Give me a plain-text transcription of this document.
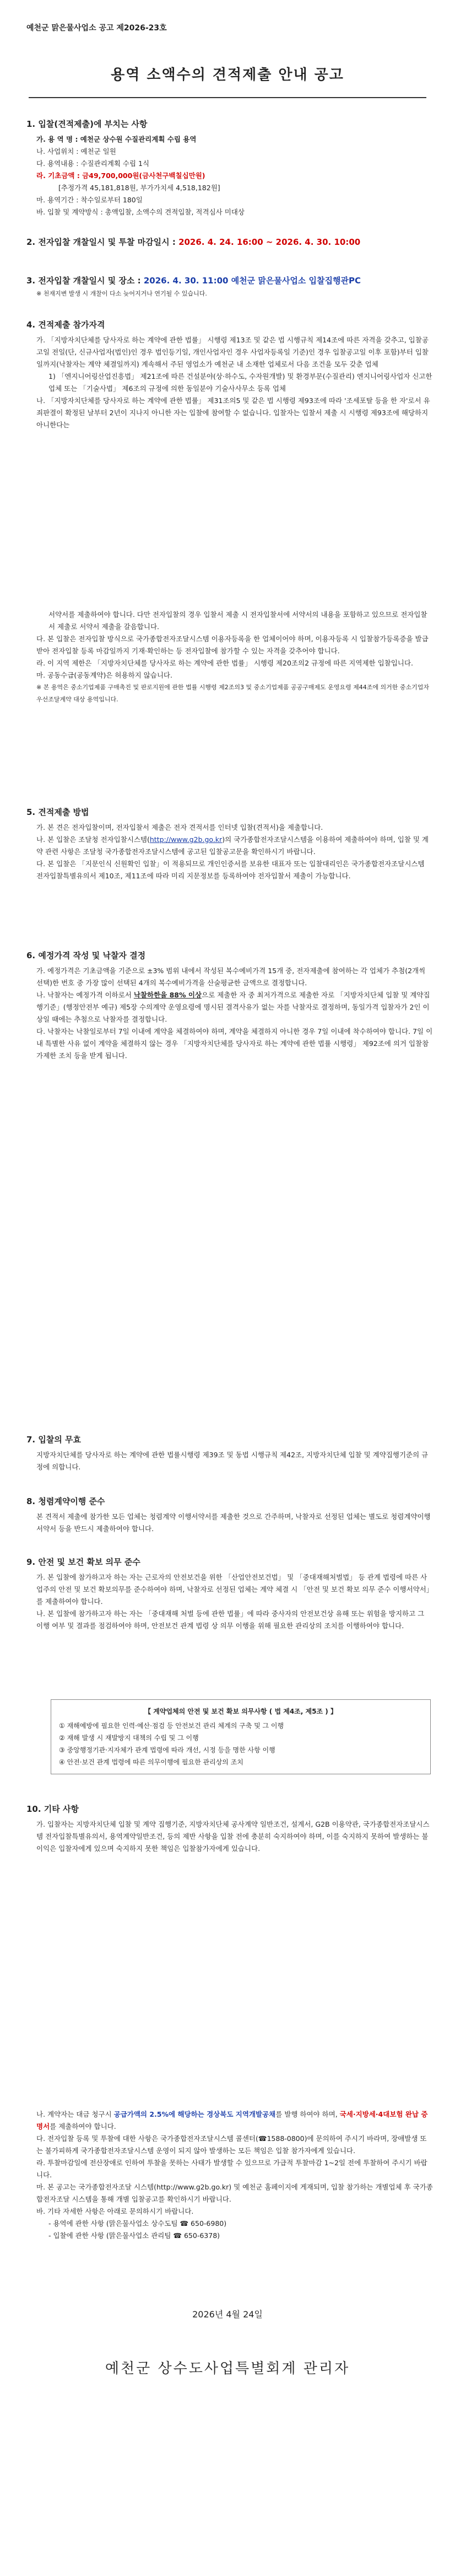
예천군 맑은물사업소 공고 제2026-23호
용역 소액수의 견적제출 안내 공고
1. 입찰(견적제출)에 부치는 사항

가. 용 역 명 : 예천군 상수원 수질관리계획 수립 용역

나. 사업위치 : 예천군 일원

다. 용역내용 : 수질관리계획 수립 1식

라. 기초금액 : 금49,700,000원(금사천구백칠십만원)

[추정가격 45,181,818원, 부가가치세 4,518,182원]

마. 용역기간 : 착수일로부터 180일

바. 입찰 및 계약방식 : 총액입찰, 소액수의 견적입찰, 적격심사 미대상

2. 전자입찰 개찰일시 및 투찰 마감일시 : 2026. 4. 24. 16:00 ~ 2026. 4. 30. 10:00
3. 전자입찰 개찰일시 및 장소 : 2026. 4. 30. 11:00 예천군 맑은물사업소 입찰집행관PC
※ 천재지변 발생 시 개찰이 다소 늦어지거나 연기될 수 있습니다.
4. 견적제출 참가자격

가. 「지방자치단체를 당사자로 하는 계약에 관한 법률」 시행령 제13조 및 같은 법 시행규칙 제14조에 따른 자격을 갖추고, 입찰공고일 전일(단, 신규사업자(법인)인 경우 법인등기일, 개인사업자인 경우 사업자등록일 기준)인 경우 입찰공고일 이후 포함)부터 입찰일까지(낙찰자는 계약 체결일까지) 계속해서 주된 영업소가 예천군 내 소재한 업체로서 다음 조건을 모두 갖춘 업체

1) 「엔지니어링산업진흥법」 제21조에 따른 건설분야(상·하수도, 수자원개발) 및 환경부문(수질관리) 엔지니어링사업자 신고한 업체 또는 「기술사법」 제6조의 규정에 의한 동일분야 기술사사무소 등록 업체

나. 「지방자치단체를 당사자로 하는 계약에 관한 법률」 제31조의5 및 같은 법 시행령 제93조에 따라 '조세포탈 등을 한 자'로서 유죄판결이 확정된 날부터 2년이 지나지 아니한 자는 입찰에 참여할 수 없습니다. 입찰자는 입찰서 제출 시 시행령 제93조에 해당하지 아니한다는

서약서를 제출하여야 합니다. 다만 전자입찰의 경우 입찰서 제출 시 전자입찰서에 서약서의 내용을 포함하고 있으므로 전자입찰서 제출로 서약서 제출을 갈음합니다.

다. 본 입찰은 전자입찰 방식으로 국가종합전자조달시스템 이용자등록을 한 업체이어야 하며, 이용자등록 시 입찰참가등록증을 발급받아 전자입찰 등록 마감일까지 기재·확인하는 등 전자입찰에 참가할 수 있는 자격을 갖추어야 합니다.

라. 이 지역 제한은 「지방자치단체를 당사자로 하는 계약에 관한 법률」 시행령 제20조의2 규정에 따른 지역제한 입찰입니다.

마. 공동수급(공동계약)은 허용하지 않습니다.

※ 본 용역은 중소기업제품 구매촉진 및 판로지원에 관한 법률 시행령 제2조의3 및 중소기업제품 공공구매제도 운영요령 제44조에 의거한 중소기업자 우선조달계약 대상 용역입니다.

5. 견적제출 방법

가. 본 견은 전자입찰이며, 전자입찰서 제출은 전자 견적서를 인터넷 입찰(견적서)을 제출합니다.

나. 본 입찰은 조달청 전자입찰시스템(http://www.g2b.go.kr)의 국가종합전자조달시스템을 이용하여 제출하여야 하며, 입찰 및 계약 관련 사항은 조달청 국가종합전자조달시스템에 공고된 입찰공고문을 확인하시기 바랍니다.

다. 본 입찰은 「지문인식 신원확인 입찰」이 적용되므로 개인인증서를 보유한 대표자 또는 입찰대리인은 국가종합전자조달시스템 전자입찰특별유의서 제10조, 제11조에 따라 미리 지문정보를 등록하여야 전자입찰서 제출이 가능합니다.

6. 예정가격 작성 및 낙찰자 결정

가. 예정가격은 기초금액을 기준으로 ±3% 범위 내에서 작성된 복수예비가격 15개 중, 전자제출에 참여하는 각 업체가 추첨(2개씩 선택)한 번호 중 가장 많이 선택된 4개의 복수예비가격을 산술평균한 금액으로 결정합니다.

나. 낙찰자는 예정가격 이하로서 낙찰하한율 88% 이상으로 제출한 자 중 최저가격으로 제출한 자로 「지방자치단체 입찰 및 계약집행기준」(행정안전부 예규) 제5장 수의계약 운영요령에 명시된 결격사유가 없는 자를 낙찰자로 결정하며, 동일가격 입찰자가 2인 이상일 때에는 추첨으로 낙찰자를 결정합니다.

다. 낙찰자는 낙찰일로부터 7일 이내에 계약을 체결하여야 하며, 계약을 체결하지 아니한 경우 7일 이내에 착수하여야 합니다. 7일 이내 특별한 사유 없이 계약을 체결하지 않는 경우 「지방자치단체를 당사자로 하는 계약에 관한 법률 시행령」 제92조에 의거 입찰참가제한 조치 등을 받게 됩니다.

7. 입찰의 무효
지방자치단체를 당사자로 하는 계약에 관한 법률시행령 제39조 및 동법 시행규칙 제42조, 지방자치단체 입찰 및 계약집행기준의 규정에 의합니다.
8. 청렴계약이행 준수
본 견적서 제출에 참가한 모든 업체는 청렴계약 이행서약서를 제출한 것으로 간주하며, 낙찰자로 선정된 업체는 별도로 청렴계약이행서약서 등을 반드시 제출하여야 합니다.
9. 안전 및 보건 확보 의무 준수

가. 본 입찰에 참가하고자 하는 자는 근로자의 안전보건을 위한 「산업안전보건법」 및 「중대재해처벌법」 등 관계 법령에 따른 사업주의 안전 및 보건 확보의무를 준수하여야 하며, 낙찰자로 선정된 업체는 계약 체결 시 「안전 및 보건 확보 의무 준수 이행서약서」를 제출하여야 합니다.

나. 본 입찰에 참가하고자 하는 자는 「중대재해 처벌 등에 관한 법률」에 따라 중사자의 안전보건상 유해 또는 위험을 방지하고 그 이행 여부 및 결과를 점검하여야 하며, 안전보건 관계 법령 상 의무 이행을 위해 필요한 관리상의 조치를 이행하여야 합니다.

【 계약업체의 안전 및 보건 확보 의무사항 ( 법 제4조, 제5조 ) 】
① 재해예방에 필요한 인력·예산·점검 등 안전보건 관리 체계의 구축 및 그 이행
② 재해 발생 시 재발방지 대책의 수립 및 그 이행
③ 중앙행정기관·지자체가 관계 법령에 따라 개선, 시정 등을 명한 사항 이행
④ 안전·보건 관계 법령에 따른 의무이행에 필요한 관리상의 조치
10. 기타 사항

가. 입찰자는 지방자치단체 입찰 및 계약 집행기준, 지방자치단체 공사계약 일반조건, 설계서, G2B 이용약관, 국가종합전자조달시스템 전자입찰특별유의서, 용역계약일반조건, 등의 제반 사항을 입찰 전에 충분히 숙지하여야 하며, 이를 숙지하지 못하여 발생하는 불이익은 입찰자에게 있으며 숙지하지 못한 책임은 입찰참가자에게 있습니다.

나. 계약자는 대금 청구시 공급가액의 2.5%에 해당하는 경상북도 지역개발공채를 발행 하여야 하며, 국세·지방세·4대보험 완납 증명서를 제출하여야 합니다.

다. 전자입찰 등록 및 투찰에 대한 사항은 국가종합전자조달시스템 콜센터(☎1588-0800)에 문의하여 주시기 바라며, 장애발생 또는 불가피하게 국가종합전자조달시스템 운영이 되지 않아 발생하는 모든 책임은 입찰 참가자에게 있습니다.

라. 투찰마감일에 전산장애로 인하여 투찰을 못하는 사태가 발생할 수 있으므로 가급적 투찰마감 1~2일 전에 투찰하여 주시기 바랍니다.

마. 본 공고는 국가종합전자조달 시스템(http://www.g2b.go.kr) 및 예천군 홈페이지에 게재되며, 입찰 참가하는 개별업체 후 국가종합전자조달 시스템을 통해 개별 입찰공고를 확인하시기 바랍니다.

바. 기타 자세한 사항은 아래로 문의하시기 바랍니다.

- 용역에 관한 사항 (맑은물사업소 상수도팀 ☎ 650-6980)

- 입찰에 관한 사항 (맑은물사업소 관리팀 ☎ 650-6378)

2026년 4월 24일
예천군 상수도사업특별회계 관리자
